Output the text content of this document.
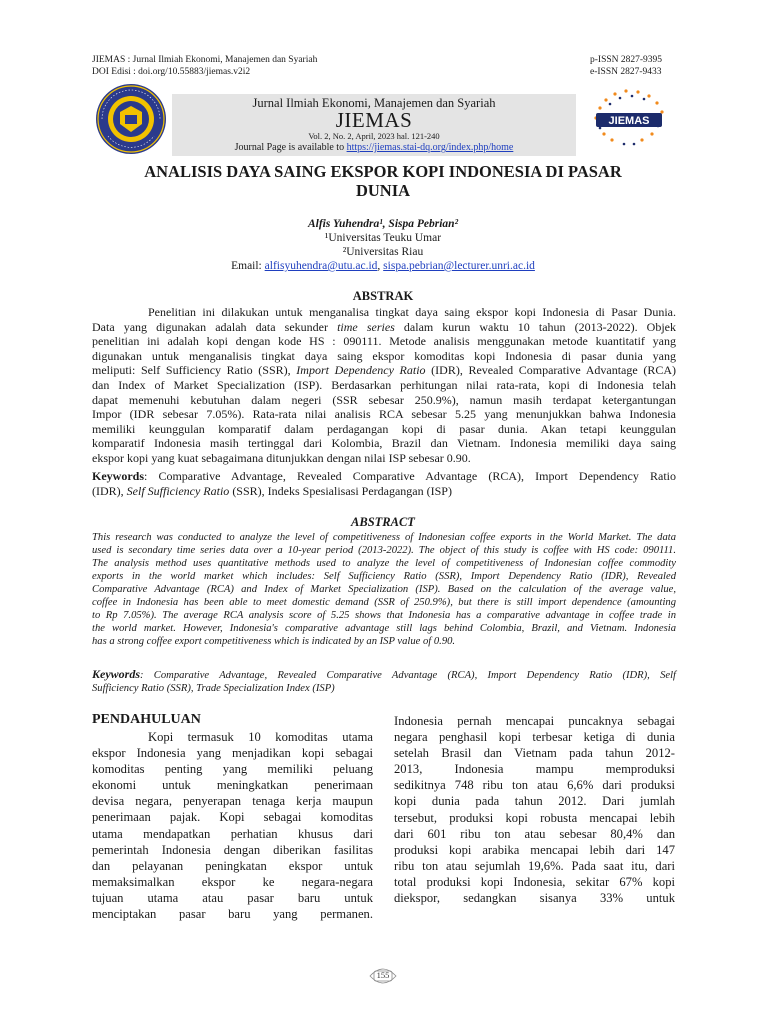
JIEMAS : Jurnal Ilmiah Ekonomi, Manajemen dan Syariah
DOI Edisi : doi.org/10.55883/jiemas.v2i2
p-ISSN 2827-9395
e-ISSN 2827-9433
Jurnal Ilmiah Ekonomi, Manajemen dan Syariah
JIEMAS
Vol. 2, No. 2, April, 2023 hal. 121-240
Journal Page is available to https://jiemas.stai-dq.org/index.php/home
JIEMAS
ANALISIS DAYA SAING EKSPOR KOPI INDONESIA DI PASAR
DUNIA
Alfis Yuhendra¹, Sispa Pebrian²
¹Universitas Teuku Umar
²Universitas Riau
Email: alfisyuhendra@utu.ac.id, sispa.pebrian@lecturer.unri.ac.id
ABSTRAK
Penelitian ini dilakukan untuk menganalisa tingkat daya saing ekspor kopi Indonesia di Pasar Dunia.
Data yang digunakan adalah data sekunder time series dalam kurun waktu 10 tahun (2013-2022). Objek
penelitian ini adalah kopi dengan kode HS : 090111. Metode analisis menggunakan metode kuantitatif yang
digunakan untuk menganalisis tingkat daya saing ekspor komoditas kopi Indonesia di pasar dunia yang
meliputi: Self Sufficiency Ratio (SSR), Import Dependency Ratio (IDR), Revealed Comparative Advantage (RCA)
dan Index of Market Specialization (ISP). Berdasarkan perhitungan nilai rata-rata, kopi di Indonesia telah
dapat memenuhi kebutuhan dalam negeri (SSR sebesar 250.9%), namun masih terdapat ketergantungan
Impor (IDR sebesar 7.05%). Rata-rata nilai analisis RCA sebesar 5.25 yang menunjukkan bahwa Indonesia
memiliki keunggulan komparatif dalam perdagangan kopi di pasar dunia. Akan tetapi keunggulan
komparatif Indonesia masih tertinggal dari Kolombia, Brazil dan Vietnam. Indonesia memiliki daya saing
ekspor kopi yang kuat sebagaimana ditunjukkan dengan nilai ISP sebesar 0.90.
Keywords: Comparative Advantage, Revealed Comparative Advantage (RCA), Import Dependency Ratio
(IDR), Self Sufficiency Ratio (SSR), Indeks Spesialisasi Perdagangan (ISP)
ABSTRACT
This research was conducted to analyze the level of competitiveness of Indonesian coffee exports in the World Market. The data
used is secondary time series data over a 10-year period (2013-2022). The object of this study is coffee with HS code: 090111.
The analysis method uses quantitative methods used to analyze the level of competitiveness of Indonesian coffee commodity
exports in the world market which includes: Self Sufficiency Ratio (SSR), Import Dependency Ratio (IDR), Revealed
Comparative Advantage (RCA) and Index of Market Specialization (ISP). Based on the calculation of the average value,
coffee in Indonesia has been able to meet domestic demand (SSR of 250.9%), but there is still import dependence (amounting
to Rp 7.05%). The average RCA analysis score of 5.25 shows that Indonesia has a comparative advantage in coffee trade in
the world market. However, Indonesia's comparative advantage still lags behind Colombia, Brazil, and Vietnam. Indonesia
has a strong coffee export competitiveness which is indicated by an ISP value of 0.90.
Keywords: Comparative Advantage, Revealed Comparative Advantage (RCA), Import Dependency Ratio (IDR), Self
Sufficiency Ratio (SSR), Trade Specialization Index (ISP)
PENDAHULUAN
Kopi termasuk 10 komoditas utama
ekspor Indonesia yang menjadikan kopi sebagai
komoditas penting yang memiliki peluang
ekonomi untuk meningkatkan penerimaan
devisa negara, penyerapan tenaga kerja maupun
penerimaan pajak. Kopi sebagai komoditas
utama mendapatkan perhatian khusus dari
pemerintah Indonesia dengan diberikan fasilitas
dan pelayanan peningkatan ekspor untuk
memaksimalkan ekspor ke negara-negara
tujuan utama atau pasar baru untuk
menciptakan pasar baru yang permanen.
Indonesia pernah mencapai puncaknya sebagai
negara penghasil kopi terbesar ketiga di dunia
setelah Brasil dan Vietnam pada tahun 2012-
2013, Indonesia mampu memproduksi
sedikitnya 748 ribu ton atau 6,6% dari produksi
kopi dunia pada tahun 2012. Dari jumlah
tersebut, produksi kopi robusta mencapai lebih
dari 601 ribu ton atau sebesar 80,4% dan
produksi kopi arabika mencapai lebih dari 147
ribu ton atau sejumlah 19,6%. Pada saat itu, dari
total produksi kopi Indonesia, sekitar 67% kopi
diekspor, sedangkan sisanya 33% untuk
155
